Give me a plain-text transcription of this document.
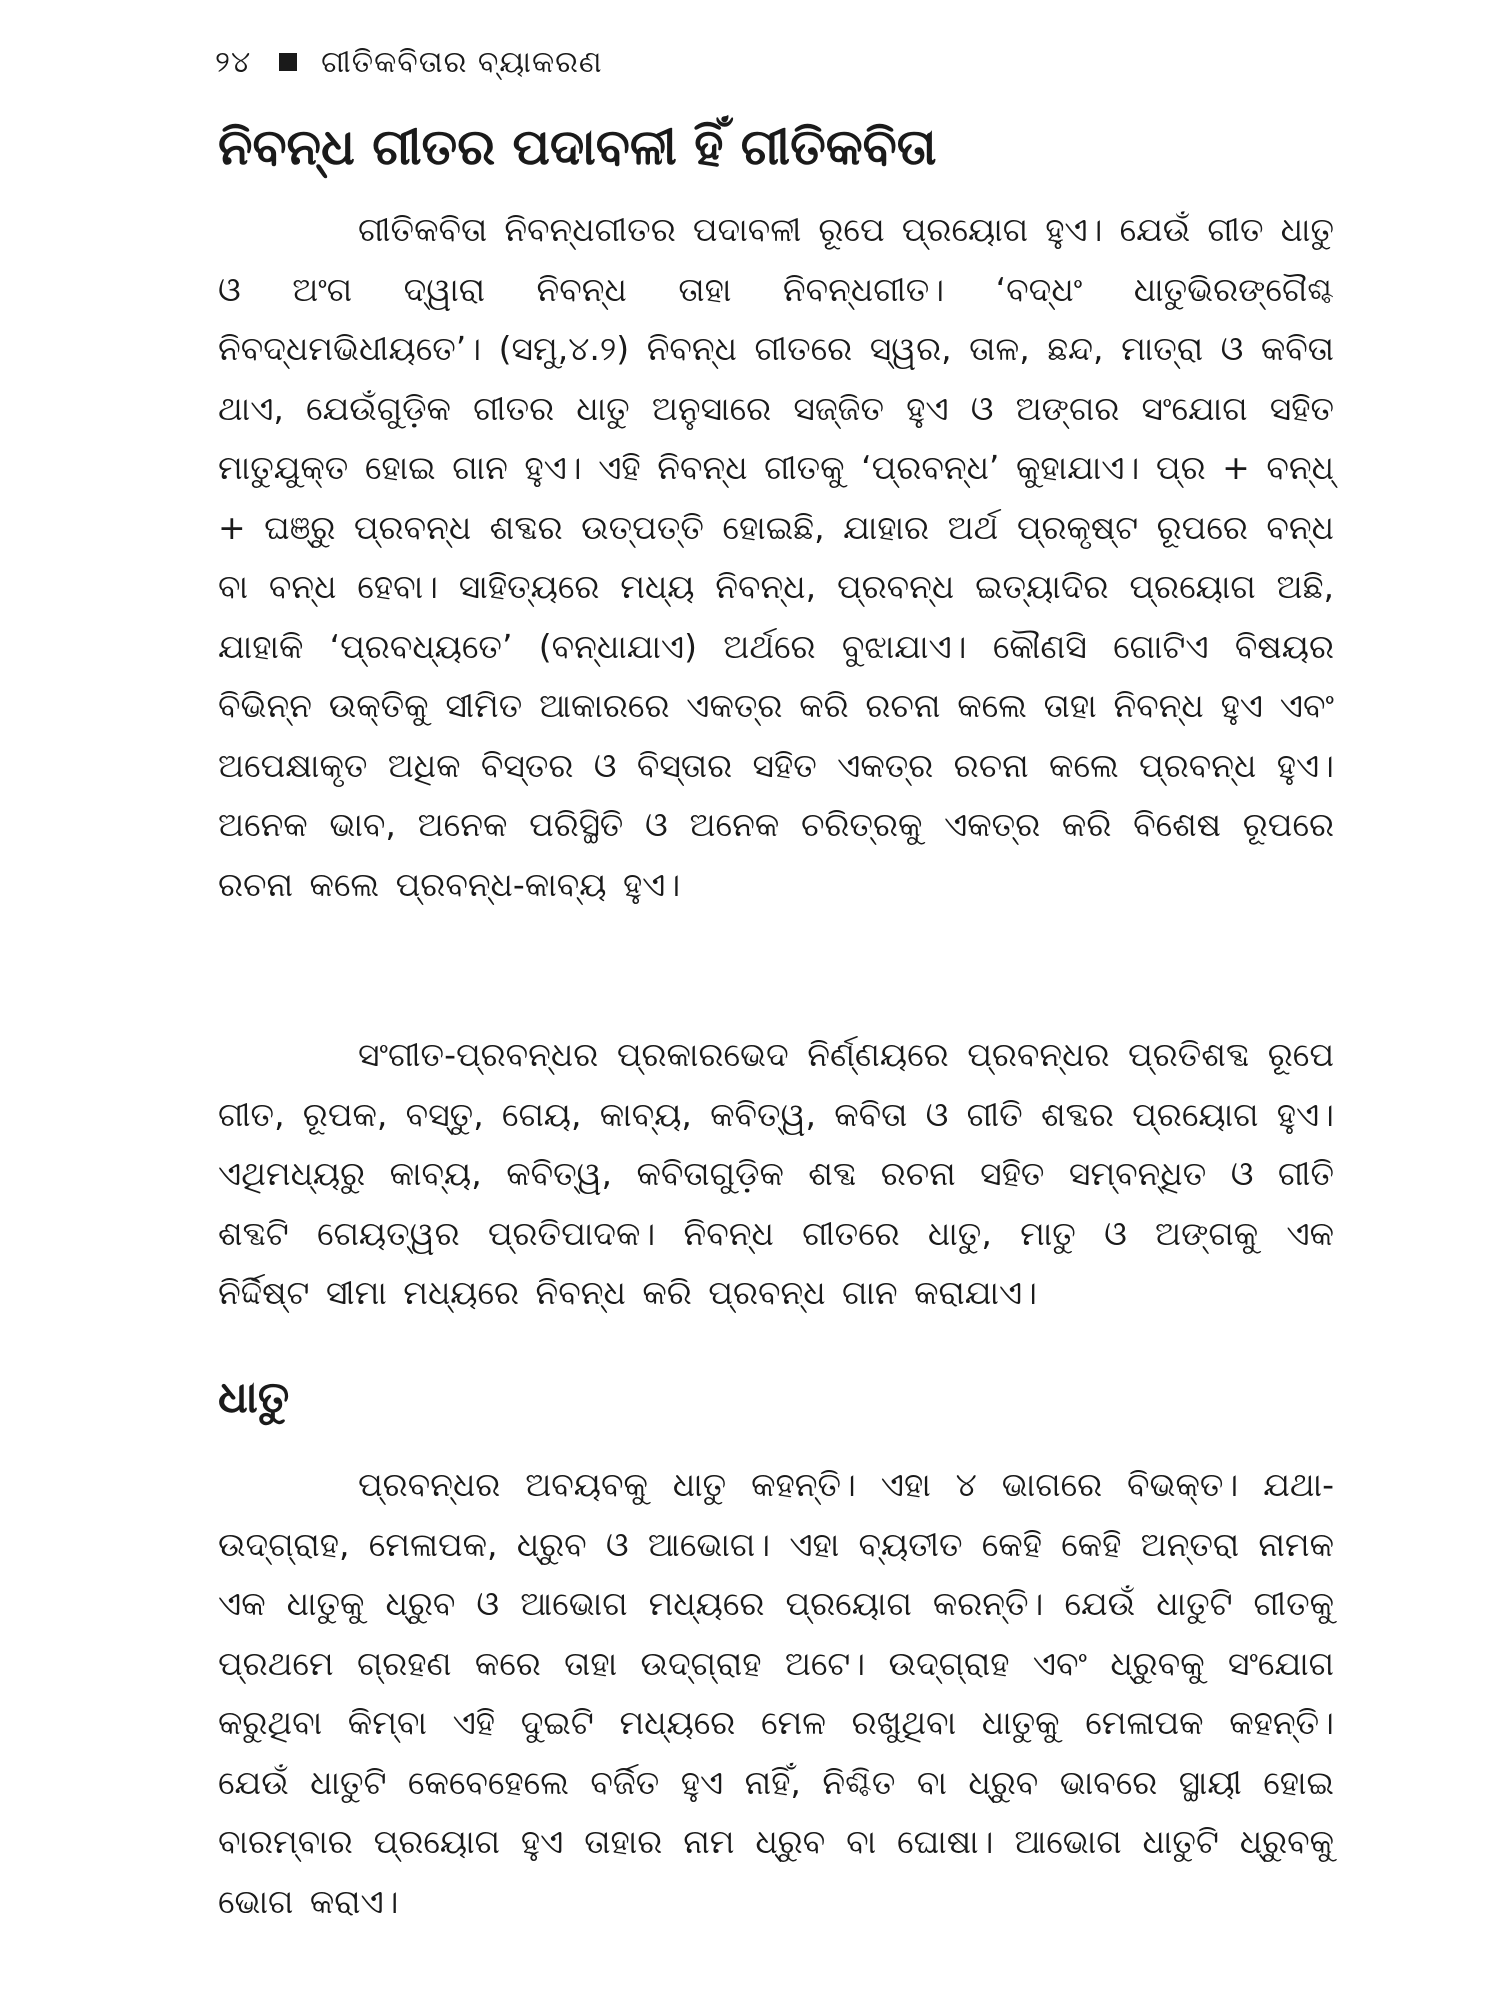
୨୪ ଗୀତିକବିତାର ବ୍ୟାକରଣ
ନିବନ୍ଧ ଗୀତର ପଦାବଳୀ ହିଁ ଗୀତିକବିତା

ଗୀତିକବିତା ନିବନ୍ଧଗୀତର ପଦାବଳୀ ରୂପେ ପ୍ରୟୋଗ ହୁଏ। ଯେଉଁ ଗୀତ ଧାତୁ ଓ ଅଂଗ ଦ୍ୱାରା ନିବନ୍ଧ ତାହା ନିବନ୍ଧଗୀତ। ‘ବଦ୍ଧଂ ଧାତୁଭିରଙ୍ଗୈଶ୍ଚ ନିବଦ୍ଧମଭିଧୀୟତେ’। (ସମୁ,୪.୨) ନିବନ୍ଧ ଗୀତରେ ସ୍ୱର, ତାଳ, ଛନ୍ଦ, ମାତ୍ରା ଓ କବିତା ଥାଏ, ଯେଉଁଗୁଡ଼ିକ ଗୀତର ଧାତୁ ଅନୁସାରେ ସଜ୍ଜିତ ହୁଏ ଓ ଅଙ୍ଗର ସଂଯୋଗ ସହିତ ମାତୁଯୁକ୍ତ ହୋଇ ଗାନ ହୁଏ। ଏହି ନିବନ୍ଧ ଗୀତକୁ ‘ପ୍ରବନ୍ଧ’ କୁହାଯାଏ। ପ୍ର + ବନ୍ଧ୍ + ଘଞ୍ରୁ ପ୍ରବନ୍ଧ ଶବ୍ଦର ଉତ୍ପତ୍ତି ହୋଇଛି, ଯାହାର ଅର୍ଥ ପ୍ରକୃଷ୍ଟ ରୂପରେ ବନ୍ଧ ବା ବନ୍ଧ ହେବା। ସାହିତ୍ୟରେ ମଧ୍ୟ ନିବନ୍ଧ, ପ୍ରବନ୍ଧ ଇତ୍ୟାଦିର ପ୍ରୟୋଗ ଅଛି, ଯାହାକି ‘ପ୍ରବଧ୍ୟତେ’ (ବନ୍ଧାଯାଏ) ଅର୍ଥରେ ବୁଝାଯାଏ। କୌଣସି ଗୋଟିଏ ବିଷୟର ବିଭିନ୍ନ ଉକ୍ତିକୁ ସୀମିତ ଆକାରରେ ଏକତ୍ର କରି ରଚନା କଲେ ତାହା ନିବନ୍ଧ ହୁଏ ଏବଂ ଅପେକ୍ଷାକୃତ ଅଧିକ ବିସ୍ତର ଓ ବିସ୍ତାର ସହିତ ଏକତ୍ର ରଚନା କଲେ ପ୍ରବନ୍ଧ ହୁଏ। ଅନେକ ଭାବ, ଅନେକ ପରିସ୍ଥିତି ଓ ଅନେକ ଚରିତ୍ରକୁ ଏକତ୍ର କରି ବିଶେଷ ରୂପରେ ରଚନା କଲେ ପ୍ରବନ୍ଧ-କାବ୍ୟ ହୁଏ।

ସଂଗୀତ-ପ୍ରବନ୍ଧର ପ୍ରକାରଭେଦ ନିର୍ଣ୍ଣୟରେ ପ୍ରବନ୍ଧର ପ୍ରତିଶବ୍ଦ ରୂପେ ଗୀତ, ରୂପକ, ବସ୍ତୁ, ଗେୟ, କାବ୍ୟ, କବିତ୍ୱ, କବିତା ଓ ଗୀତି ଶବ୍ଦର ପ୍ରୟୋଗ ହୁଏ। ଏଥିମଧ୍ୟରୁ କାବ୍ୟ, କବିତ୍ୱ, କବିତାଗୁଡ଼ିକ ଶବ୍ଦ ରଚନା ସହିତ ସମ୍ବନ୍ଧିତ ଓ ଗୀତି ଶବ୍ଦଟି ଗେୟତ୍ୱର ପ୍ରତିପାଦକ। ନିବନ୍ଧ ଗୀତରେ ଧାତୁ, ମାତୁ ଓ ଅଙ୍ଗକୁ ଏକ ନିର୍ଦ୍ଦିଷ୍ଟ ସୀମା ମଧ୍ୟରେ ନିବନ୍ଧ କରି ପ୍ରବନ୍ଧ ଗାନ କରାଯାଏ।

ଧାତୁ

ପ୍ରବନ୍ଧର ଅବୟବକୁ ଧାତୁ କହନ୍ତି। ଏହା ୪ ଭାଗରେ ବିଭକ୍ତ। ଯଥା- ଉଦ୍‌ଗ୍ରାହ, ମେଳାପକ, ଧ୍ରୁବ ଓ ଆଭୋଗ। ଏହା ବ୍ୟତୀତ କେହି କେହି ଅନ୍ତରା ନାମକ ଏକ ଧାତୁକୁ ଧ୍ରୁବ ଓ ଆଭୋଗ ମଧ୍ୟରେ ପ୍ରୟୋଗ କରନ୍ତି। ଯେଉଁ ଧାତୁଟି ଗୀତକୁ ପ୍ରଥମେ ଗ୍ରହଣ କରେ ତାହା ଉଦ୍‌ଗ୍ରାହ ଅଟେ। ଉଦ୍‌ଗ୍ରାହ ଏବଂ ଧ୍ରୁବକୁ ସଂଯୋଗ କରୁଥିବା କିମ୍ବା ଏହି ଦୁଇଟି ମଧ୍ୟରେ ମେଳ ରଖୁଥିବା ଧାତୁକୁ ମେଳାପକ କହନ୍ତି। ଯେଉଁ ଧାତୁଟି କେବେହେଲେ ବର୍ଜିତ ହୁଏ ନାହିଁ, ନିଶ୍ଚିତ ବା ଧ୍ରୁବ ଭାବରେ ସ୍ଥାୟୀ ହୋଇ ବାରମ୍ବାର ପ୍ରୟୋଗ ହୁଏ ତାହାର ନାମ ଧ୍ରୁବ ବା ଘୋଷା। ଆଭୋଗ ଧାତୁଟି ଧ୍ରୁବକୁ ଭୋଗ କରାଏ।
